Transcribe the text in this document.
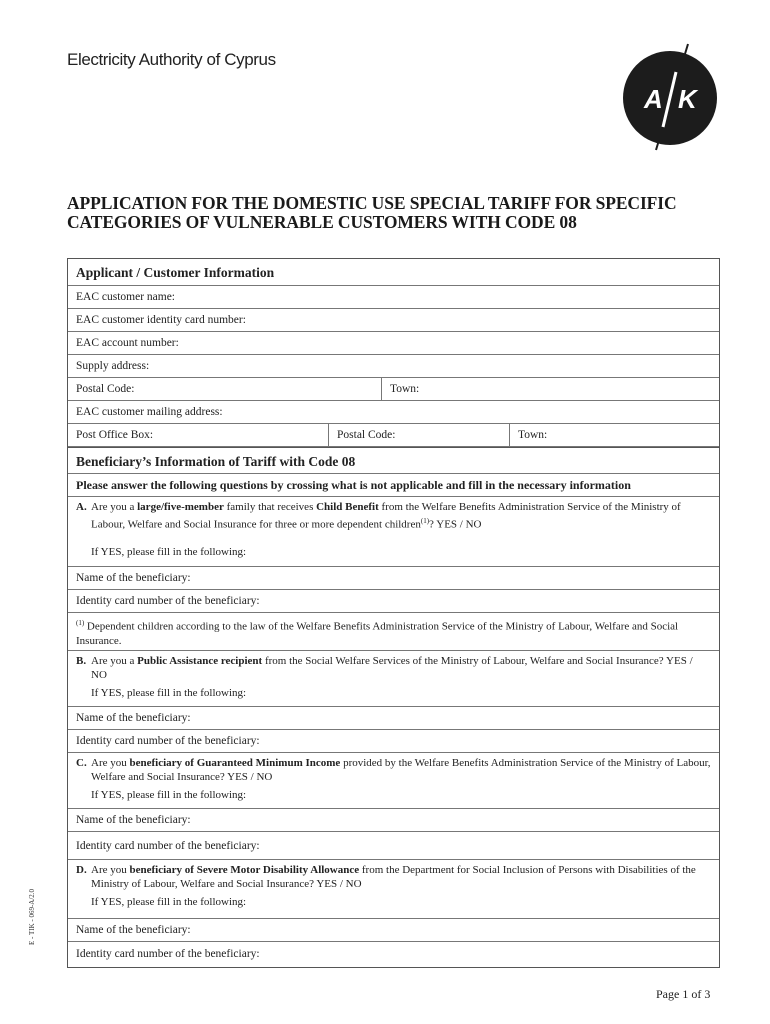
Electricity Authority of Cyprus
A K
APPLICATION FOR THE DOMESTIC USE SPECIAL TARIFF FOR SPECIFIC CATEGORIES OF VULNERABLE CUSTOMERS WITH CODE 08
Applicant / Customer Information
EAC customer name:
EAC customer identity card number:
EAC account number:
Supply address:
Postal Code:	Town:
EAC customer mailing address:
Post Office Box:	Postal Code:	Town:
Beneficiary’s Information of Tariff with Code 08
Please answer the following questions by crossing what is not applicable and fill in the necessary information
A. Are you a large/five-member family that receives Child Benefit from the Welfare Benefits Administration Service of the Ministry of Labour, Welfare and Social Insurance for three or more dependent children$^{(1)}$? YES / NO
If YES, please fill in the following:
Name of the beneficiary:
Identity card number of the beneficiary:
$^{(1)}$ Dependent children according to the law of the Welfare Benefits Administration Service of the Ministry of Labour, Welfare and Social Insurance.
B. Are you a Public Assistance recipient from the Social Welfare Services of the Ministry of Labour, Welfare and Social Insurance? YES / NO
If YES, please fill in the following:
Name of the beneficiary:
Identity card number of the beneficiary:
C. Are you beneficiary of Guaranteed Minimum Income provided by the Welfare Benefits Administration Service of the Ministry of Labour, Welfare and Social Insurance? YES / NO
If YES, please fill in the following:
Name of the beneficiary:
Identity card number of the beneficiary:
D. Are you beneficiary of Severe Motor Disability Allowance from the Department for Social Inclusion of Persons with Disabilities of the Ministry of Labour, Welfare and Social Insurance? YES / NO
If YES, please fill in the following:
Name of the beneficiary:
Identity card number of the beneficiary:
E - TIK - 069-A/2.0
Page 1 of 3
